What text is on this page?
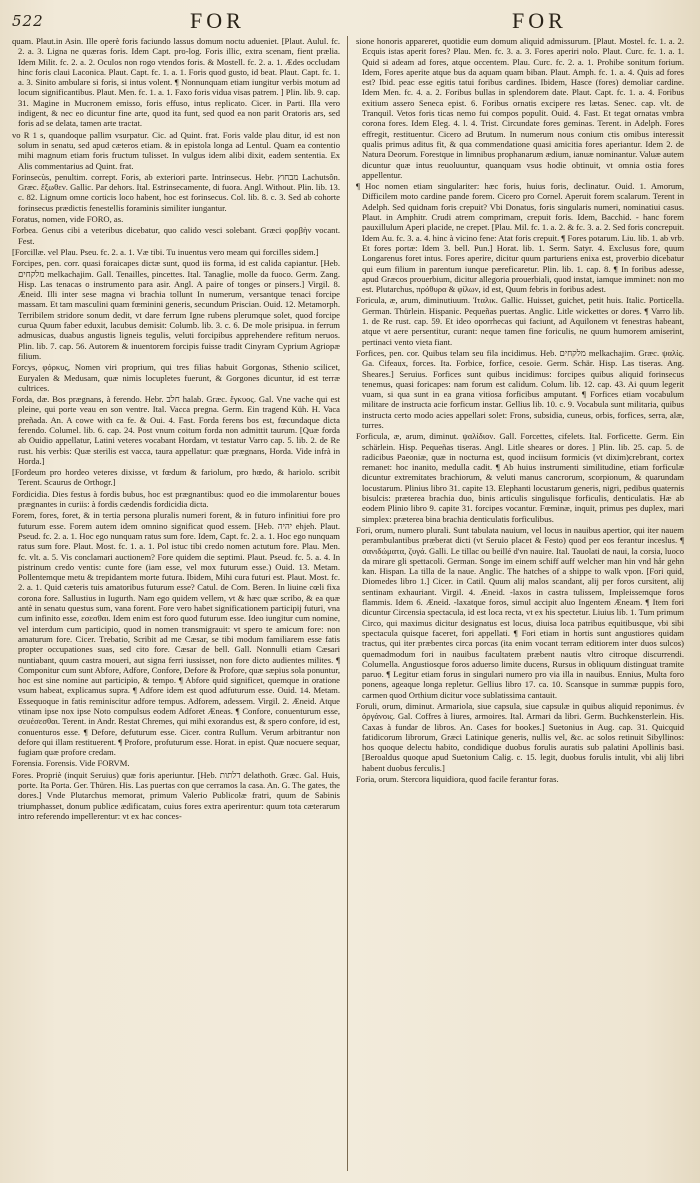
522	FOR	FOR

quam. Plaut.in Asin. Ille operè foris faciundo lassus domum noctu adueniet. [Plaut. Aulul. fc. 2. a. 3. Ligna ne quæras foris. Idem Capt. pro-log. Foris illic, extra scenam, fient prælia. Idem Milit. fc. 2. a. 2. Oculos non rogo vtendos foris. & Mostell. fc. 2. a. 1. Ædes occludam hinc foris claui Laconica. Plaut. Capt. fc. 1. a. 1. Foris quod gusto, id beat. Plaut. Capt. fc. 1. a. 3. Sinito ambulare si foris, si intus volent. ¶ Nonnunquam etiam iungitur verbis motum ad locum significantibus. Plaut. Men. fc. 1. a. 1. Faxo foris vidua visas patrem. ] Plin. lib. 9. cap. 31. Magine in Mucronem emisso, foris effuso, intus replicato. Cicer. in Parti. Illa vero indigent, & nec eo dicuntur fine arte, quod ita funt, sed quod ea non parit Oratoris ars, sed foris ad se delata, tamen arte tractat.

vo R 1 s, quandoque pallim vsurpatur. Cic. ad Quint. frat. Foris valde plau ditur, id est non solum in senatu, sed apud cæteros etiam. & in epistola longa ad Lentul. Quam ea contentio mihi magnum etiam foris fructum tulisset. In vulgus idem alibi dixit, eadem sententia. Ex Alis commentarius ad Quint. frat.

Forinsecùs, penultim. corrept. Foris, ab exteriori parte. Intrinsecus. Hebr. מבחוץ Lachutsôn. Græc. ἔξωθεν. Gallic. Par dehors. Ital. Estrinsecamente, di fuora. Angl. Without. Plin. lib. 13. c. 82. Lignum omne corticis loco habent, hoc est forinsecus. Col. lib. 8. c. 3. Sed ab cohorte forinsecus prædictis fenestellis foraminis similiter iungantur.

Foratus, nomen, vide FORO, as.

Forbea. Genus cibi a veteribus dicebatur, quo calido vesci solebant. Græci φορβὴν vocant. Fest.

[Forcillæ. vel Plau. Pseu. fc. 2. a. 1. Væ tibi. Tu inuentus vero meam qui forcilles sidem.]

Forcipes, pen. corr. quasi foraicapes dictæ sunt, quod iis forma, id est calida capiantur. [Heb. מלקחים melkachajim. Gall. Tenailles, pincettes. Ital. Tanaglie, molle da fuoco. Germ. Zang. Hisp. Las tenacas o instrumento para asir. Angl. A paire of tonges or pinsers.] Virgil. 8. Æneid. Illi inter sese magna vi brachia tollunt In numerum, versantque tenaci forcipe massam. Et tam masculini quam fœminini generis, secundum Priscian. Ouid. 12. Metamorph. Terribilem stridore sonum dedit, vt dare ferrum Igne rubens plerumque solet, quod forcipe curua Quum faber eduxit, lacubus demisit: Columb. lib. 3. c. 6. De mole prisipua. in ferrum admusicas, duabus angustis ligneis tegulis, veluti forcipibus apprehendere refitum neruos. Plin. lib. 7. cap. 56. Autorem & inuentorem forcipis fuisse tradit Cinyram Cyprium Agriopæ filium.

Forcys, φόρκυς, Nomen viri proprium, qui tres filias habuit Gorgonas, Sthenio scilicet, Euryalen & Medusam, quæ nimis locupletes fuerunt, & Gorgones dicuntur, id est terræ cultrices.

Forda, dæ. Bos prægnans, à ferendo. Hebr. חלב halab. Græc. ἔγκυος. Gal. Vne vache qui est pleine, qui porte veau en son ventre. Ital. Vacca pregna. Germ. Ein tragend Küh. H. Vaca preñada. An. A cowe with ca fe. & Oui. 4. Fast. Forda ferens bos est, fœcundaque dicta ferendo. Columel. lib. 6. cap. 24. Post vnum coitum forda non admittit taurum. [Quæ forda ab Ouidio appellatur, Latini veteres vocabant Hordam, vt testatur Varro cap. 5. lib. 2. de Re rust. his verbis: Quæ sterilis est vacca, taura appellatur: quæ prægnans, Horda. Vide infrà in Horda.]

[Fordeum pro hordeo veteres dixisse, vt fœdum & fariolum, pro hœdo, & hariolo. scribit Terent. Scaurus de Orthogr.]

Fordicidia. Dies festus à fordis bubus, hoc est prægnantibus: quod eo die immolarentur boues prægnantes in curiis: à fordis cædendis fordicidia dicta.

Forem, fores, foret, & in tertia persona pluralis numeri forent, & in futuro infinitiui fore pro futurum esse. Forem autem idem omnino significat quod essem. [Heb. יהיה ehjeh. Plaut. Pseud. fc. 2. a. 1. Hoc ego nunquam ratus sum fore. Idem, Capt. fc. 2. a. 1. Hoc ego nunquam ratus sum fore. Plaut. Most. fc. 1. a. 1. Pol istuc tibi credo nomen actutum fore. Plau. Men. fc. vlt. a. 5. Vis conclamari auctionem? Fore quidem die septimi. Plaut. Pseud. fc. 5. a. 4. In pistrinum credo ventis: cunte fore (iam esse, vel mox futurum esse.) Ouid. 13. Metam. Pollentemque metu & trepidantem morte futura. Ibidem, Mihi cura futuri est. Plaut. Most. fc. 2. a. 1. Quid cæteris tuis amatoribus futurum esse? Catul. de Com. Beren. In liuine cœli fixa corona fore. Sallustius in Iugurth. Nam ego quidem vellem, vt & hæc quæ scribo, & ea quæ antè in senatu questus sum, vana forent. Fore vero habet significationem participij futuri, vna cum infinito esse, εσεσθαι. Idem enim est foro quod futurum esse. Ideo iungitur cum nomine, vel interdum cum participio, quod in nomen transmigrauit: vt spero te amicum fore: non amaturum fore. Cicer. Trebatio, Scribit ad me Cæsar, se tibi modum familiarem esse fatis propter occupationes suas, sed cito fore. Cæsar de bell. Gall. Nonnulli etiam Cæsari nuntiabant, quum castra moueri, aut signa ferri iussisset, non fore dicto audientes milites. ¶ Componitur cum sunt Abfore, Adfore, Confore, Defore & Profore, quæ sæpius sola ponuntur, hoc est sine nomine aut participio, & tempo. ¶ Abfore quid significet, quemque in oratione vsum habeat, explicamus supra. ¶ Adfore idem est quod adfuturum esse. Ouid. 14. Metam. Essequoque in fatis reminiscitur adfore tempus. Adforem, adessem. Virgil. 2. Æneid. Atque vtinam ipse nox ipse Noto compulsus eodem Adforet Æneas. ¶ Confore, conuenturum esse, σευέσεσθαι. Terent. in Andr. Restat Chremes, qui mihi exorandus est, & spero confore, id est, conuenturos esse. ¶ Defore, defuturum esse. Cicer. contra Rullum. Verum arbitrantur non defore qui illam restituerent. ¶ Profore, profuturum esse. Horat. in epist. Quæ nocuere sequar, fugiam quæ profore credam.

Forensia. Forensis. Vide FORVM.

Fores. Propriè (inquit Seruius) quæ foris aperiuntur. [Heb. דלתות delathoth. Græc. Gal. Huis, porte. Ita Porta. Ger. Thüren. His. Las puertas con que cerramos la casa. An. G. The gates, the dores.] Vnde Plutarchus memorat, primum Valerio Publicolæ fratri, quum de Sabinis triumphasset, donum publice ædificatam, cuius fores extra aperirentur: quum tota cæterarum intro referendo impellerentur: vt ex hac conces-

sione honoris appareret, quotidie eum domum aliquid admissurum. [Plaut. Mostel. fc. 1. a. 2. Ecquis istas aperit fores? Plau. Men. fc. 3. a. 3. Fores aperiri nolo. Plaut. Curc. fc. 1. a. 1. Quid si adeam ad fores, atque occentem. Plau. Curc. fc. 2. a. 1. Prohibe sonitum forium. Idem, Fores aperite atque bus da aquam quam biban. Plaut. Amph. fc. 1. a. 4. Quis ad fores est? Ibid. peac esse egitis tatui foribus cardines. Ibidem, Hasce (fores) demoliar cardine. Idem Men. fc. 4. a. 2. Foribus bullas in splendorem date. Plaut. Capt. fc. 1. a. 4. Foribus exitium assero Seneca epist. 6. Foribus ornatis excipere res lætas. Senec. cap. vlt. de Tranquil. Vetos foris ticas nemo fui compos populit. Ouid. 4. Fast. Et tegat ornatas vmbra corona fores. Idem Eleg. 4. l. 4. Trist. Circundate fores geminas. Terent. in Adelph. Fores effregit, restituentur. Cicero ad Brutum. In numerum nous conium ctis omibus interessit qualis primus aditus fit, & qua commendatione quasi amicitia fores aperiantur. Idem 2. de Natura Deorum. Forestque in limnibus prophanarum ædium, ianuæ nominantur. Valuæ autem dicuntur quæ intus reuoluuntur, quanquam vsus hodie obtinuit, vt omnia ostia fores appellentur.

¶ Hoc nomen etiam singulariter: hæc foris, huius foris, declinatur. Ouid. 1. Amorum, Difficilem moto cardine pande forem. Cicero pro Cornel. Aperuit forem scalarum. Terent in Adelph. Sed quidnam foris crepuit? Vbi Donatus, foris singularis numeri, nominatiui casus. Plaut. in Amphitr. Crudi atrem comprimam, crepuit foris. Idem, Bacchid. - hanc forem pauxillulum Aperi placide, ne crepet. [Plau. Mil. fc. 1. a. 2. & fc. 3. a. 2. Sed foris concrepuit. Idem Au. fc. 3. a. 4. hinc à vicino fene: Atat foris crepuit. ¶ Fores potarum. Liu. lib. 1. ab vrb. Et fores portæ: Idem 3. bell. Pun.] Horat. lib. 1. Serm. Satyr. 4. Exclusus fore, quum Longarenus foret intus. Fores aperire, dicitur quum parturiens enixa est, proverbio dicebatur qui eum filium in parentum iunque pæreficaretur. Plin. lib. 1. cap. 8. ¶ In foribus adesse, apud Græcos prouerbium, dicitur allegoria prouerbiali, quod instat, iamque imminet: non mo est. Plutarchus, πρόθυρα & φίλων, id est, Quum febris in foribus adest.

Foricula, æ, arum, diminutiuum. Ἰταλικ. Gallic. Huisset, guichet, petit huis. Italic. Porticella. German. Thürlein. Hispanic. Pequeñas puertas. Anglic. Litle wickettes or dores. ¶ Varro lib. 1. de Re rust. cap. 59. Et ideo oporrhecas qui faciunt, ad Aquilonem vt fenestras habeant, atque vt aere persentitur, curant: neque tamen fine foriculis, ne quum humorem amiserint, pertinaci vento vieta fiant.

Forfices, pen. cor. Quibus telam seu fila incidimus. Heb. מלקחים melkachajim. Græc. ψαλίς. Ga. Cifeaux, forces. Ita. Forbice, forfice, cesoie. Germ. Schär. Hisp. Las tiseras. Ang. Sheares.] Seruius. Forfices sunt quibus incidimus: forcipes quibus aliquid forinsecus tenemus, quasi foricapes: nam forum est calidum. Colum. lib. 12. cap. 43. Ai quum legerit vuam, si qua sunt in ea grana vitiosa forficibus amputant. ¶ Forfices etiam vocabulum militare de instructa acie forficum instar. Gellius lib. 10. c. 9. Vocabula sunt militaria, quibus instructa certo modo acies appellari solet: Frons, subsidia, cuneus, orbis, forfices, serra, alæ, turres.

Forficula, æ, arum, diminut. ψαλίδιον. Gall. Forcettes, cifelets. Ital. Forficette. Germ. Ein schärlein. Hisp. Pequeñas tiseras. Angl. Litle sheares or dores. ] Plin. lib. 25. cap. 5. de radicibus Paeoniæ, quæ in nocturna est, quod inciisum formicis (vt dixim)crebrant, cortex remanet: hoc inanito, medulla cadit. ¶ Ab huius instrumenti similitudine, etiam forficulæ dicuntur extremitates brachiorum, & veluti manus cancrorum, scorpionum, & quarundam locustarum. Plinius libro 31. capite 13. Elephanti locustarum generis, nigri, pedibus quaternis bisulcis: præterea brachia duo, binis articulis singulisque forficulis, denticulatis. Hæ ab eodem Plinio libro 9. capite 31. forcipes vocantur. Fœminæ, inquit, primus pes duplex, mari simplex: præterea bina brachia denticulatis forficulibus.

Fori, orum, numero plurali. Sunt tabulata nauium, vel locus in nauibus apertior, qui iter nauem perambulantibus præberat dicti (vt Seruio placet & Festo) quod per eos ferantur inceslus. ¶ σανιδώματα, ζυγά. Galli. Le tillac ou beillé d'vn nauire. Ital. Tauolati de naui, la corsia, luoco da mirare gli spettacoli. German. Songe im einem schiff auff welcher man hin vnd hår gehn kan. Hispan. La tilla de la naue. Anglic. The hatches of a shippe to walk vpon. [Fori quid, Diomedes libro 1.] Cicer. in Catil. Quum alij malos scandant, alij per foros cursitent, alij sentinam exhauriant. Virgil. 4. Æneid. -laxos in castra tulissem, Impleissemque foros flammis. Idem 6. Æneid. -laxatque foros, simul accipit aluo Ingentem Æneam. ¶ Item fori dicuntur Circensia spectacula, id est loca recta, vt ex his spectetur. Liuius lib. 1. Tum primum Circo, qui maximus dicitur designatus est locus, diuisa loca patribus equitibusque, vbi sibi spectacula quisque faceret, fori appellati. ¶ Fori etiam in hortis sunt angustiores quidam tractus, qui iter præbentes circa porcas (ita enim vocant terram editiorem inter duos sulcos) quemadmodum fori in nauibus facultatem præbent nautis vltro citroque discurrendi. Columella. Angustiosque foros aduerso limite ducens, Rursus in obliquum distinguat tramite paruo. ¶ Legitur etiam forus in singulari numero pro via illa in nauibus. Ennius, Multa foro ponens, ageaque longa repletur. Gellius libro 17. ca. 10. Scansque in summæ puppis foro, carmen quod Orthium dicitur voce sublatissima cantauit.

Foruli, orum, diminut. Armariola, siue capsula, siue capsulæ in quibus aliquid reponimus. ἐν ὀργάνοις. Gal. Coffres à liures, armoires. Ital. Armari da libri. Germ. Buchkensterlein. His. Caxas à fundar de libros. An. Cases for bookes.] Suetonius in Aug. cap. 31. Quicquid fatidicorum librorum, Græci Latinique generis, nullis vel, &c. ac solos retinuit Sibyllinos: hos quoque delectu habito, condidique duobus forulis auratis sub palatini Apollinis basi. [Beroaldus quoque apud Suetonium Calig. c. 15. legit, duobus forulis intulit, vbi alij libri habent duobus ferculis.]

Foria, orum. Stercora liquidiora, quod facile ferantur foras.
